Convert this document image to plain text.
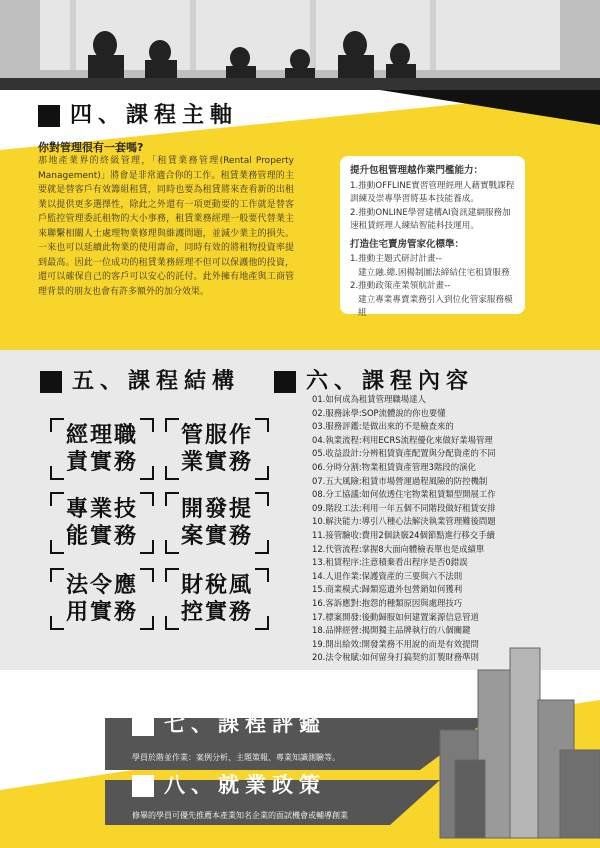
四、課程主軸
你對管理很有一套嗎?
那地產業界的終級管理，「租賃業務管理(Rental Property Management)」將會是非常適合你的工作。租賃業務管理的主要就是替客戶有效籌組租賃，同時也要為租賃將來查看新的出租業以提供更多選擇性，除此之外還有一項更動要的工作就是替客戶監控管理委託租物的大小事務，租賃業務經理一般要代替業主來聯繫相關人士處理物業修理與維護問題，並減少業主的損失。一來也可以延續此物業的使用壽命，同時有效的將租物投資率提到最高。因此一位成功的租賃業務經理不但可以保護他的投資，還可以確保自己的客戶可以安心的託付。此外擁有地產與工商管理背景的朋友也會有許多額外的加分效果。
提升包租管理越作業門檻能力：
1.推動OFFLINE實習管理經理人藉實戰課程訓練及崇專學習將基本技能養成。
2.推動ONLINE學習建構AI資訊建網服務加速租賃經理人練結智能科技運用。
打造住宅賣房管家化標準：
1.推動主題式研討計畫--
建立融.總.困楊制圖法締結住宅租賃服務
2.推動政策產業領航計畫--
建立專業專賣業務引入到位化管家服務模組
五、課程結構
經理職責實務
管服作業實務
專業技能實務
開發提案實務
法令應用實務
財稅風控實務
六、課程內容
01.如何成為租賃管理職場達人
02.服務詠學:SOP流體說的你也要懂
03.服務評鑑:是做出來的不是檢查來的
04.執業流程:利用ECRS流程優化來做好業場管理
05.收益設計:分辨租賃資產配置與分配資產的不同
06.分時分割:物業租賃資產管理3階段的演化
07.五大風險:租賃市場營運過程風險的防控機制
08.分工協議:如何依透住宅物業租賃類型開展工作
09.階段工法:利用一年五個不同階段做好租賃安排
10.解決能力:導引八種心法解決執業管理難後問題
11.接管驗收:費用2個訣竅24個節點進行移交手續
12.代管流程:掌握8大面向體檢表單也是成績單
13.租賃程序:注意積棄看出程序是否0錯誤
14.人退作業:保護資產的三要與六不法則
15.商業模式:歸類巡遺外包營銷如何獲利
16.客訴應對:抱怨的種類原因與處理技巧
17.標案開發:後動歸服如何建置案源信息管道
18.品牌經營:揭開獨主品牌執行的八個關鍵
19.開出給效:開發業務不用說的而是有效提問
20.法令稅賦:如何留身打搞契約訂製財務準則
七、課程評鑑
學員於階並作業：案例分析、主題策報、專業知識測驗等。
八、就業政策
修畢的學員可優先推薦本產業知名企業的面試機會或輔導創業
